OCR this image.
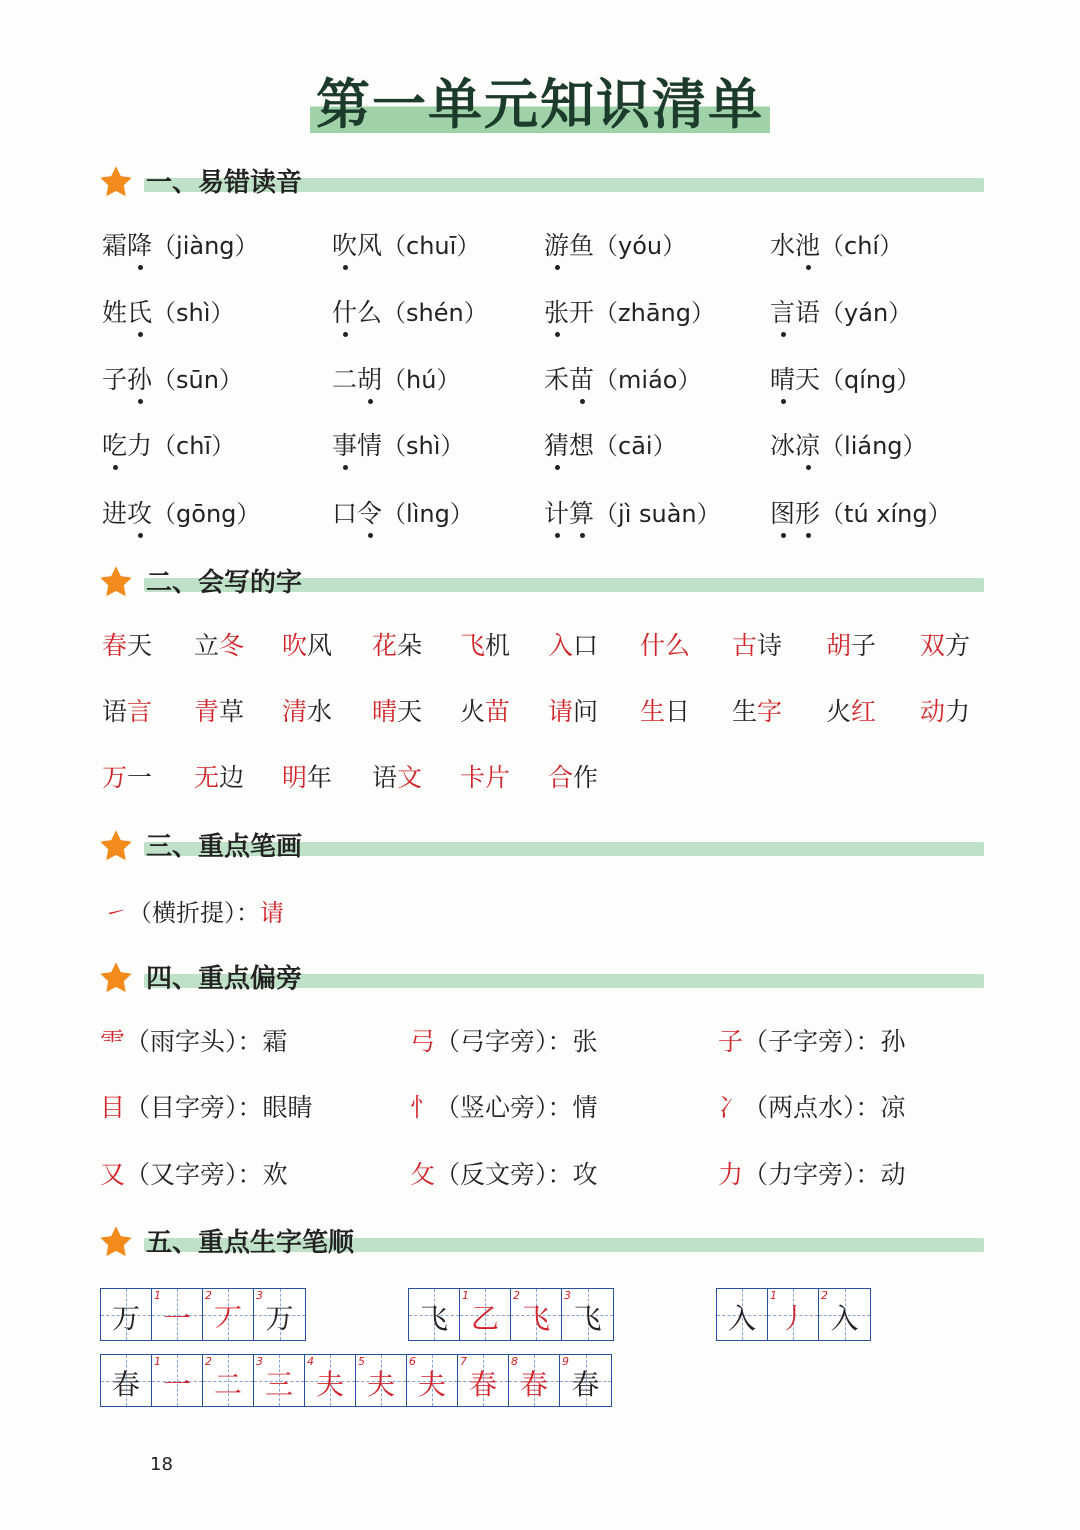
第一单元知识清单
一、易错读音
二、会写的字
三、重点笔画
四、重点偏旁
五、重点生字笔顺
霜降（jiàng）	吹风（chuī）	游鱼（yóu）	水池（chí）
姓氏（shì）	什么（shén） 张开（zhāng） 言语（yán）
子孙（sūn）	二胡（hú）	禾苗（miáo）	晴天（qíng）
吃力（chī）	事情（shì）	猜想（cāi）	冰凉（liáng）
进攻（gōng）	口令（lìng）	计算（jì suàn） 图形（tú xíng）
春天 立冬 吹风 花朵 飞机 入口 什么 古诗 胡子 双方
语言 青草 清水 晴天 火苗 请问 生日 生字 火红 动力
万一 无边 明年 语文 卡片 合作
㇀（横折提）：请
⻗（雨字头）：霜	弓（弓字旁）：张	子（子字旁）：孙
目（目字旁）：眼睛	忄（竖心旁）：情	冫（两点水）：凉
又（又字旁）：欢	攵（反文旁）：攻	力（力字旁）：动
万
1
一
2
丆
3
万	飞
1
乙
2
飞
3
飞	入
1
丿
2
入
春
1
一
2
二
3
三
4
夫
5
夫
6
夫
7
春
8
春
9
春
18
